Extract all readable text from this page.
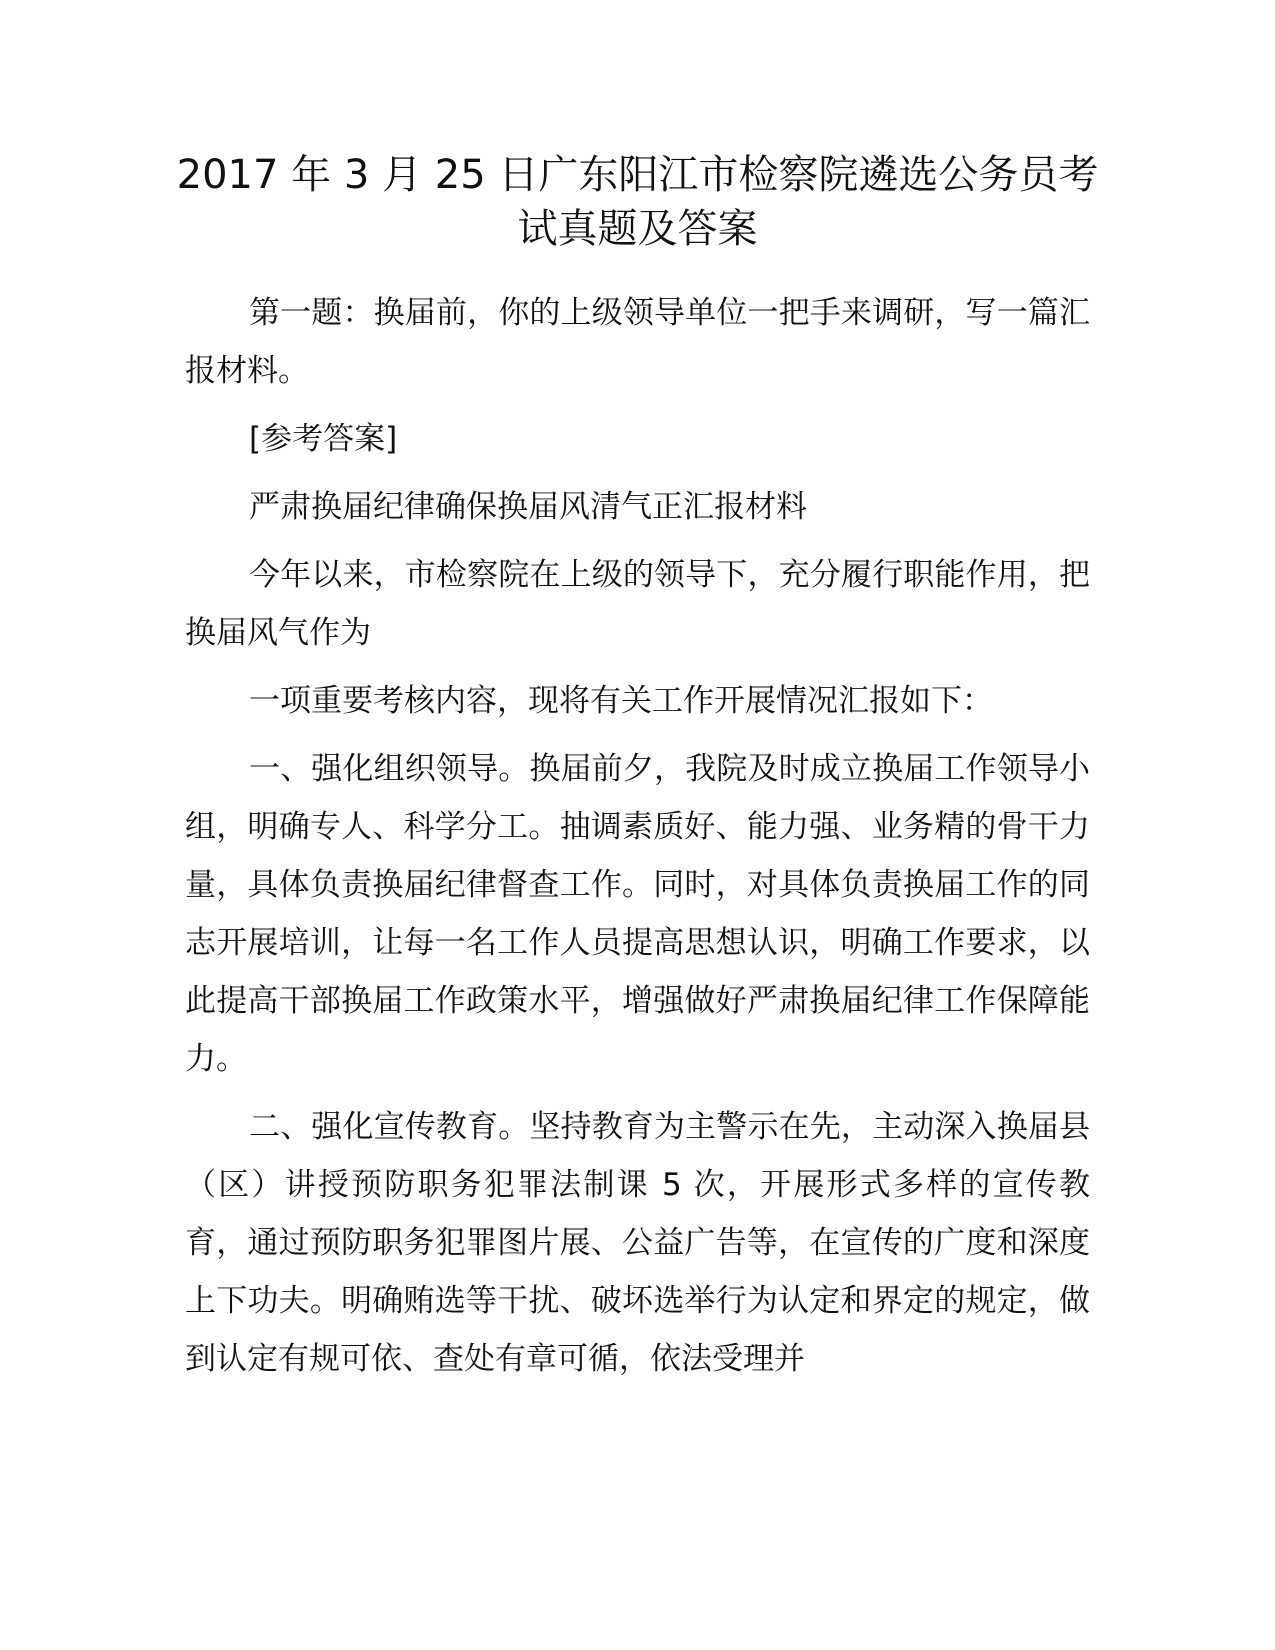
2017 年 3 月 25 日广东阳江市检察院遴选公务员考试真题及答案

第一题：换届前，你的上级领导单位一把手来调研，写一篇汇报材料。

[参考答案]

严肃换届纪律确保换届风清气正汇报材料

今年以来，市检察院在上级的领导下，充分履行职能作用，把换届风气作为

一项重要考核内容，现将有关工作开展情况汇报如下：

一、强化组织领导。换届前夕，我院及时成立换届工作领导小组，明确专人、科学分工。抽调素质好、能力强、业务精的骨干力量，具体负责换届纪律督查工作。同时，对具体负责换届工作的同志开展培训，让每一名工作人员提高思想认识，明确工作要求，以此提高干部换届工作政策水平，增强做好严肃换届纪律工作保障能力。

二、强化宣传教育。坚持教育为主警示在先，主动深入换届县（区）讲授预防职务犯罪法制课 5 次，开展形式多样的宣传教育，通过预防职务犯罪图片展、公益广告等，在宣传的广度和深度上下功夫。明确贿选等干扰、破坏选举行为认定和界定的规定，做到认定有规可依、查处有章可循，依法受理并
